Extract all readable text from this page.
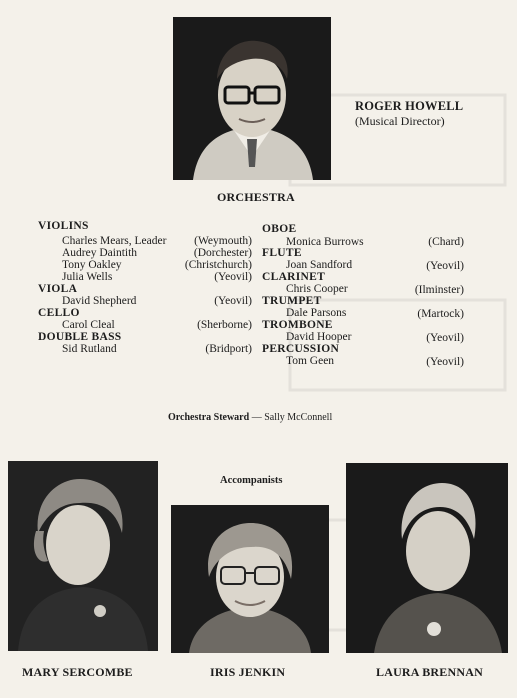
ROGER HOWELL
(Musical Director)
ORCHESTRA
VIOLINS
Charles Mears, Leader (Weymouth)
Audrey Daintith	(Dorchester)
Tony Oakley	(Christchurch)
Julia Wells	(Yeovil)
VIOLA
David Shepherd	(Yeovil)
CELLO
Carol Cleal	(Sherborne)
DOUBLE BASS
Sid Rutland	(Bridport)
OBOE
Monica Burrows	(Chard)
FLUTE
Joan Sandford	(Yeovil)
CLARINET
Chris Cooper	(Ilminster)
TRUMPET
Dale Parsons	(Martock)
TROMBONE
David Hooper	(Yeovil)
PERCUSSION
Tom Geen	(Yeovil)
Orchestra Steward — Sally McConnell
Accompanists
MARY SERCOMBE	IRIS JENKIN	LAURA BRENNAN
